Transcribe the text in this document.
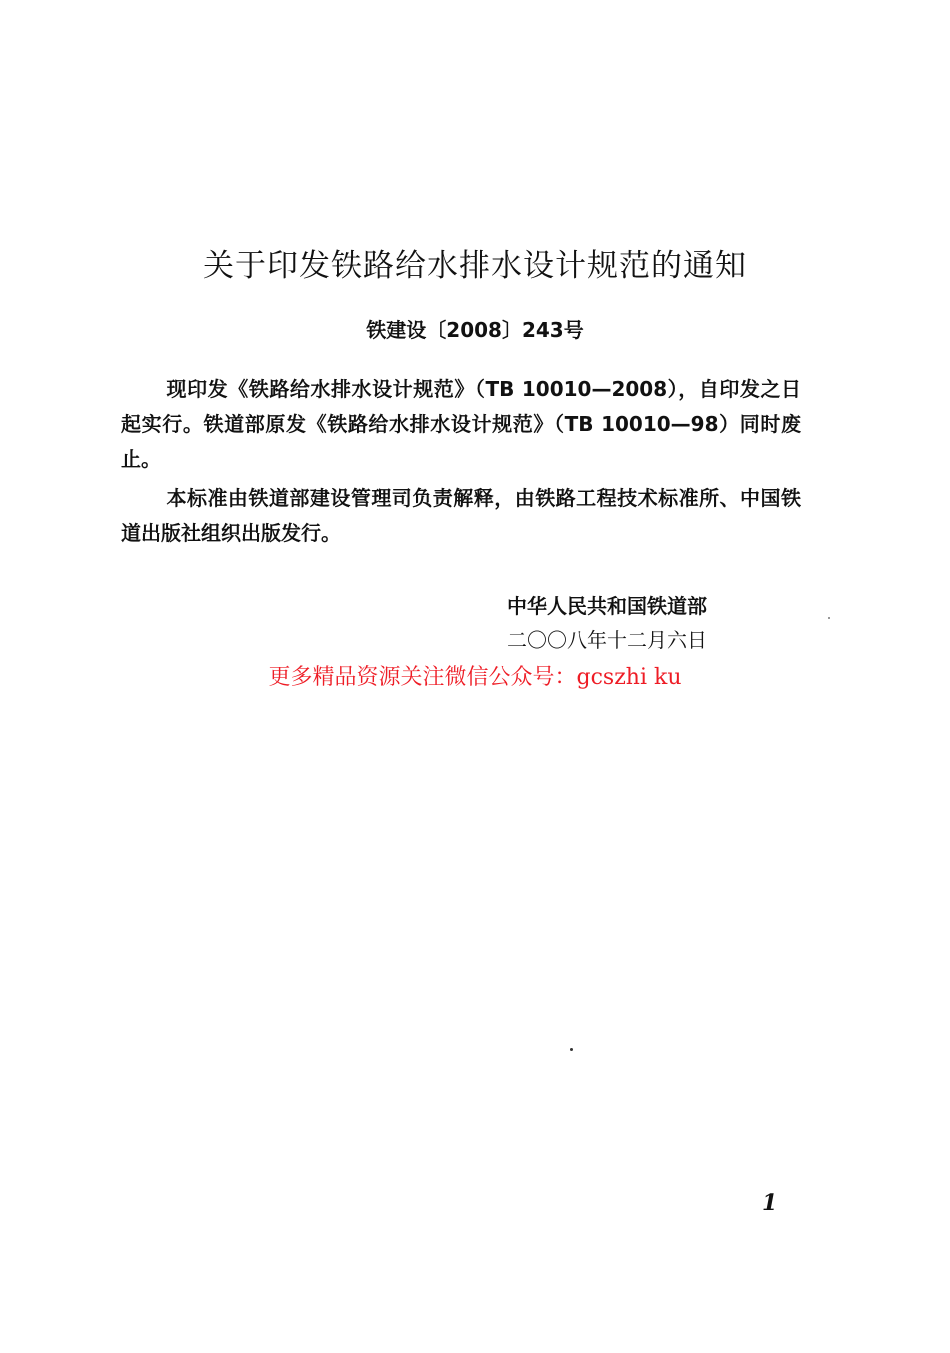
关于印发铁路给水排水设计规范的通知
铁建设〔2008〕243号
现印发《铁路给水排水设计规范》（TB 10010—2008），自印发之日起实行。铁道部原发《铁路给水排水设计规范》（TB 10010—98）同时废止。
本标准由铁道部建设管理司负责解释，由铁路工程技术标准所、中国铁道出版社组织出版发行。
中华人民共和国铁道部
二〇〇八年十二月六日
更多精品资源关注微信公众号：gcszhi ku
1
